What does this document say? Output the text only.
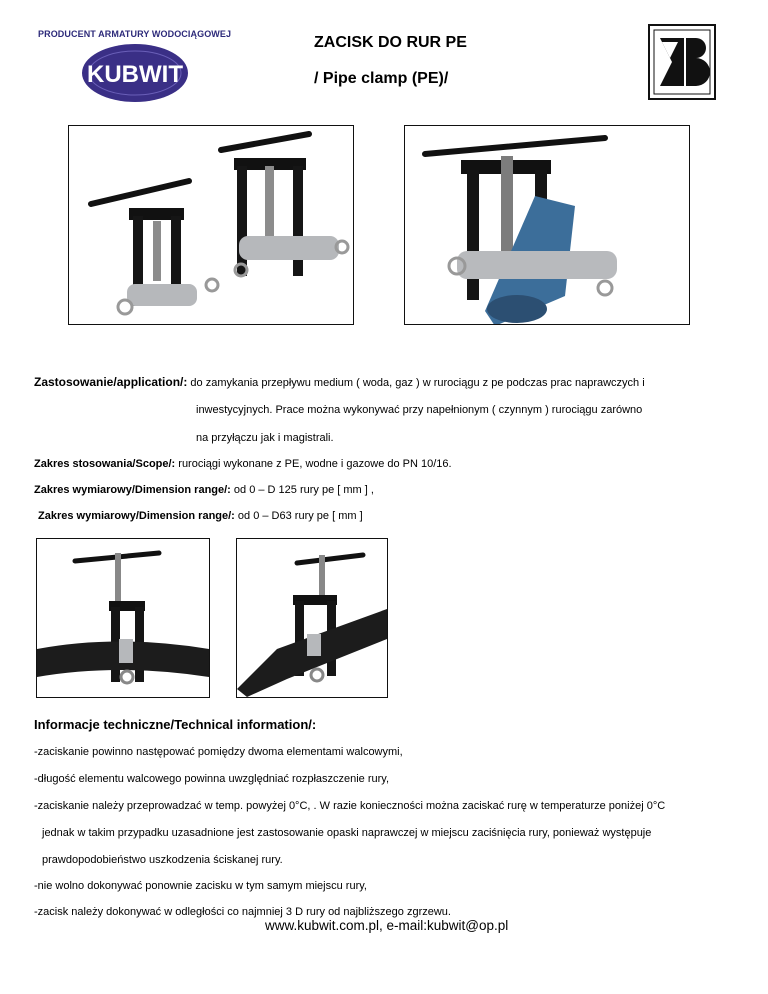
PRODUCENT ARMATURY WODOCIĄGOWEJ
KUBWIT
ZACISK DO RUR PE
/ Pipe clamp (PE)/
Zastosowanie/application/: do zamykania przepływu medium ( woda, gaz ) w rurociągu z pe podczas prac naprawczych i
inwestycyjnych. Prace można wykonywać przy napełnionym ( czynnym ) rurociągu zarówno
na przyłączu jak i magistrali.
Zakres stosowania/Scope/: rurociągi wykonane z PE, wodne i gazowe do PN 10/16.
Zakres wymiarowy/Dimension range/: od 0 – D 125 rury pe [ mm ] ,
Zakres wymiarowy/Dimension range/: od 0 – D63 rury pe [ mm ]
Informacje techniczne/Technical information/:
-zaciskanie powinno następować pomiędzy dwoma elementami walcowymi,
-długość elementu walcowego powinna uwzględniać rozpłaszczenie rury,
-zaciskanie należy przeprowadzać w temp. powyżej 0°C, . W razie konieczności można zaciskać rurę w temperaturze poniżej 0°C
jednak w takim przypadku uzasadnione jest zastosowanie opaski naprawczej w miejscu zaciśnięcia rury, ponieważ występuje
prawdopodobieństwo uszkodzenia ściskanej rury.
-nie wolno dokonywać ponownie zacisku w tym samym miejscu rury,
-zacisk należy dokonywać w odległości co najmniej 3 D rury od najbliższego zgrzewu.
www.kubwit.com.pl, e-mail:kubwit@op.pl
